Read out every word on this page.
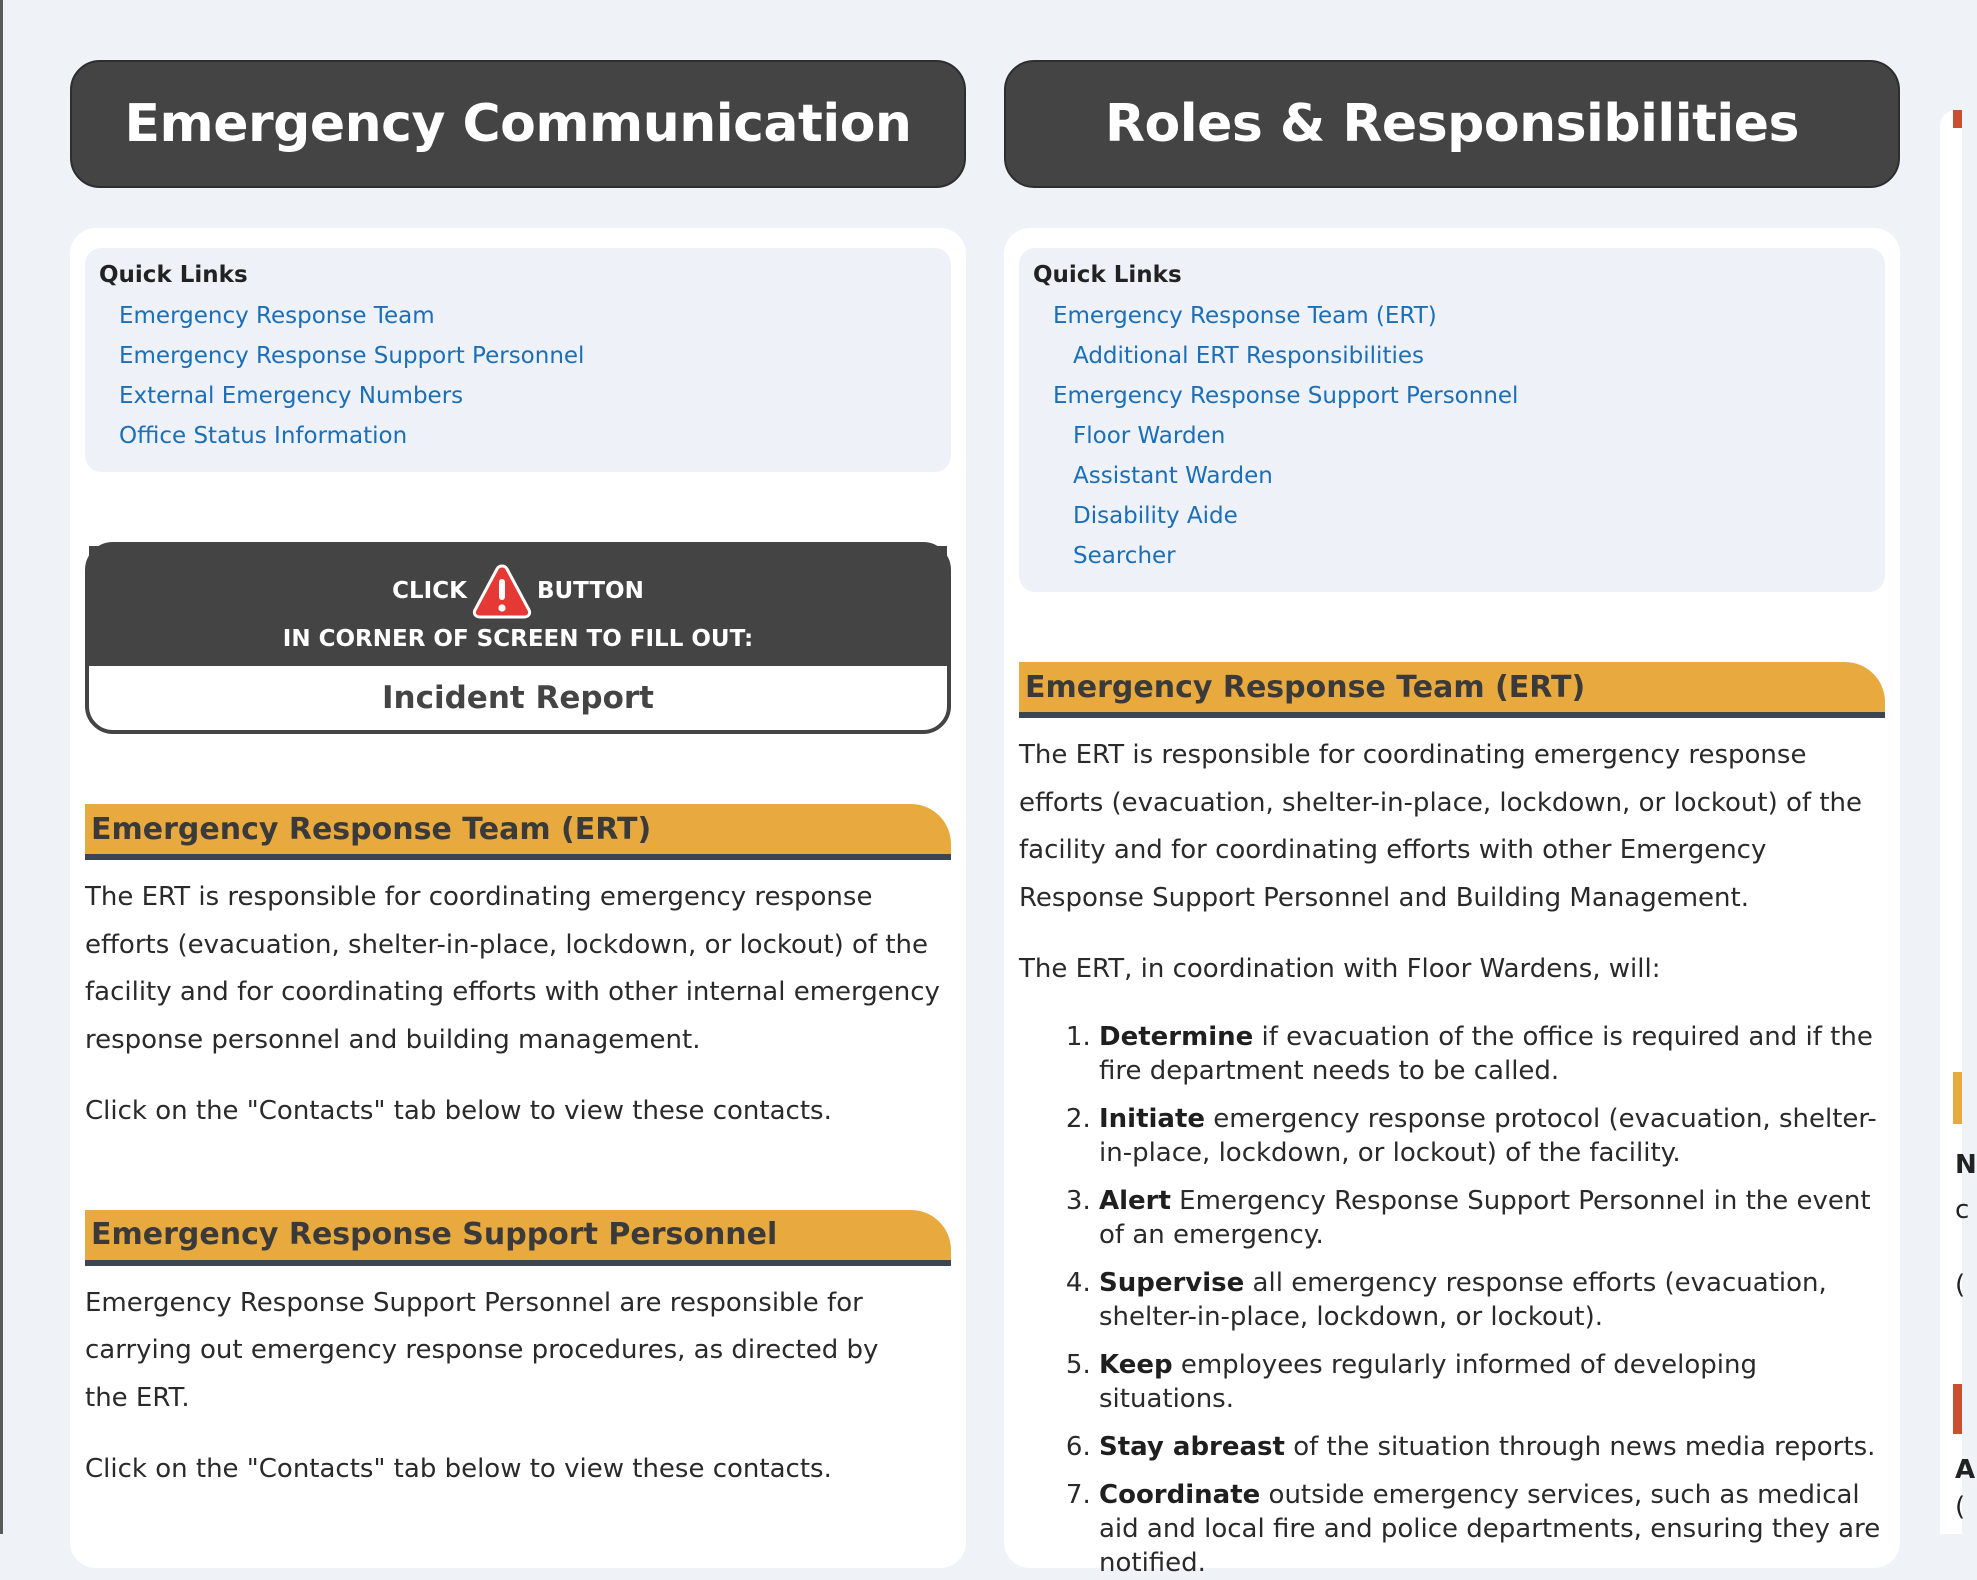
Emergency Communication
Quick Links
Emergency Response Team
Emergency Response Support Personnel
External Emergency Numbers
Office Status Information
CLICK	BUTTON
IN CORNER OF SCREEN TO FILL OUT:
Incident Report
Emergency Response Team (ERT)
The ERT is responsible for coordinating emergency response efforts (evacuation, shelter-in-place, lockdown, or lockout) of the facility and for coordinating efforts with other internal emergency response personnel and building management.
Click on the "Contacts" tab below to view these contacts.
Emergency Response Support Personnel
Emergency Response Support Personnel are responsible for carrying out emergency response procedures, as directed by the ERT.
Click on the "Contacts" tab below to view these contacts.
Roles & Responsibilities
Quick Links
Emergency Response Team (ERT)
Additional ERT Responsibilities
Emergency Response Support Personnel
Floor Warden
Assistant Warden
Disability Aide
Searcher
Emergency Response Team (ERT)
The ERT is responsible for coordinating emergency response efforts (evacuation, shelter-in-place, lockdown, or lockout) of the facility and for coordinating efforts with other Emergency Response Support Personnel and Building Management.
The ERT, in coordination with Floor Wardens, will:
1. Determine if evacuation of the office is required and if the fire department needs to be called.
2. Initiate emergency response protocol (evacuation, shelter-in-place, lockdown, or lockout) of the facility.
3. Alert Emergency Response Support Personnel in the event of an emergency.
4. Supervise all emergency response efforts (evacuation, shelter-in-place, lockdown, or lockout).
5. Keep employees regularly informed of developing situations.
6. Stay abreast of the situation through news media reports.
7. Coordinate outside emergency services, such as medical aid and local fire and police departments, ensuring they are notified.
N
c
(
A
(
